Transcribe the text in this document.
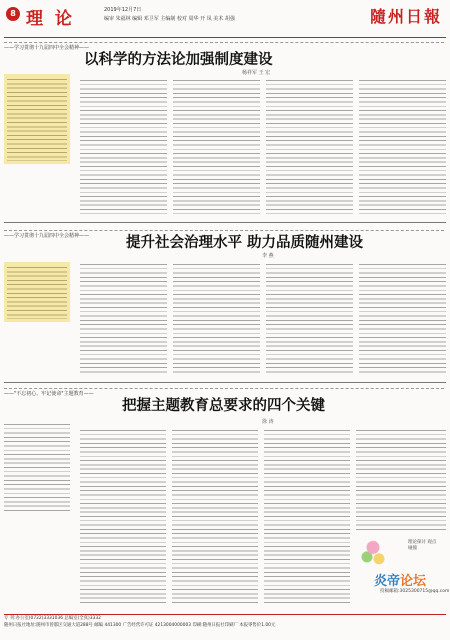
8 理 论	2019年12月7日
编审 朱福林 编辑 邓卫军 主编制 校对 周华 开 凤 美术 胡强	隨州日報
——学习贯彻十九届四中全会精神——
以科学的方法论加强制度建设
杨祥军 王 宏
——学习贯彻十九届四中全会精神——	提升社会治理水平 助力品质随州建设
李 燕
——"不忘初心、牢记使命"主题教育——
把握主题教育总要求的四个关键
徐 涛
理论探讨 观点碰撞
炎帝论坛
投稿邮箱:3025300715@qq.com
专 刊:办公室(0722)3331036 总编室(全真)3332
随州日报社地址:随州市曾都区交通大道288号 邮编 441300 广告经营许可证 4213004000003 印刷:随州日报社印刷厂 本报零售价1.00元
